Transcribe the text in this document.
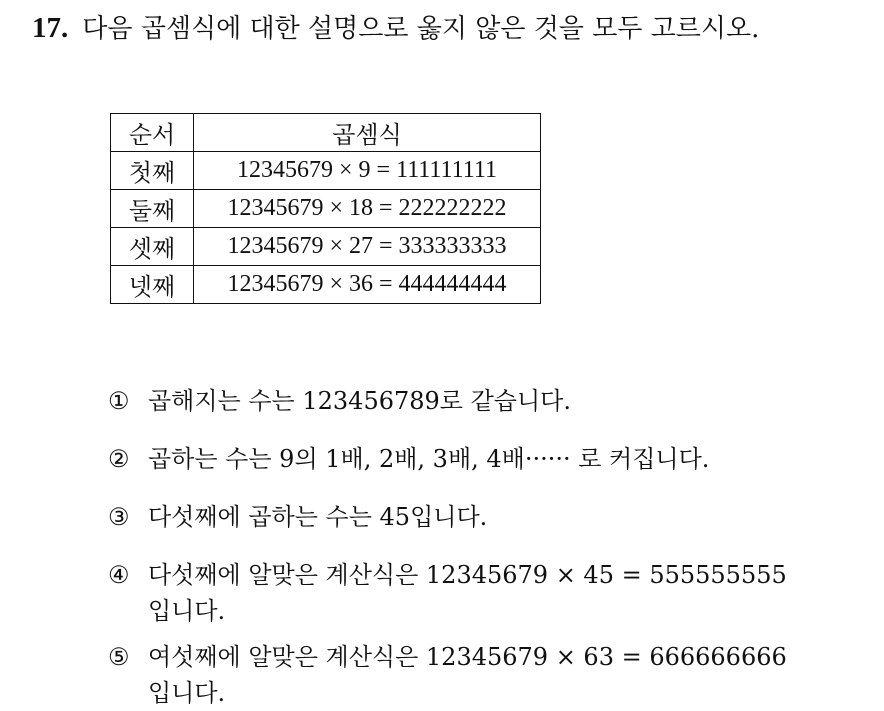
17. 다음 곱셈식에 대한 설명으로 옳지 않은 것을 모두 고르시오.
순서	곱셈식
첫째	12345679 × 9 = 111111111
둘째	12345679 × 18 = 222222222
셋째	12345679 × 27 = 333333333
넷째	12345679 × 36 = 444444444
① 곱해지는 수는 123456789로 같습니다.
② 곱하는 수는 9의 1배, 2배, 3배, 4배······ 로 커집니다.
③ 다섯째에 곱하는 수는 45입니다.
④ 다섯째에 알맞은 계산식은 12345679 × 45 = 555555555
입니다.
⑤ 여섯째에 알맞은 계산식은 12345679 × 63 = 666666666
입니다.
